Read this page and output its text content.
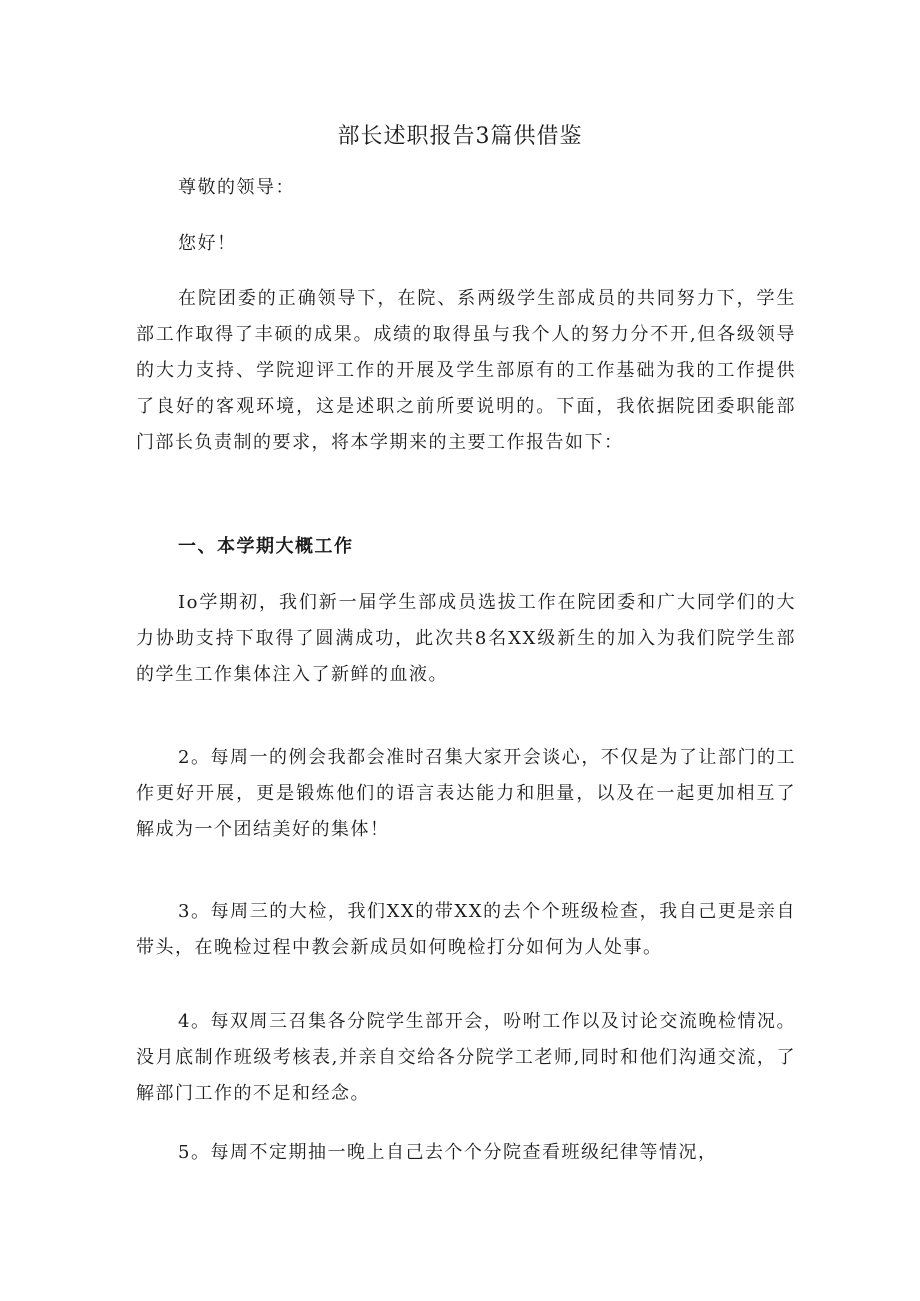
部长述职报告3篇供借鉴

尊敬的领导：

您好！

在院团委的正确领导下，在院、系两级学生部成员的共同努力下，学生部工作取得了丰硕的成果。成绩的取得虽与我个人的努力分不开,但各级领导的大力支持、学院迎评工作的开展及学生部原有的工作基础为我的工作提供了良好的客观环境，这是述职之前所要说明的。下面，我依据院团委职能部门部长负责制的要求，将本学期来的主要工作报告如下：

一、本学期大概工作

Io学期初，我们新一届学生部成员选拔工作在院团委和广大同学们的大力协助支持下取得了圆满成功，此次共8名XX级新生的加入为我们院学生部的学生工作集体注入了新鲜的血液。

2。每周一的例会我都会准时召集大家开会谈心，不仅是为了让部门的工作更好开展，更是锻炼他们的语言表达能力和胆量，以及在一起更加相互了解成为一个团结美好的集体！

3。每周三的大检，我们XX的带XX的去个个班级检查，我自己更是亲自带头，在晚检过程中教会新成员如何晚检打分如何为人处事。

4。每双周三召集各分院学生部开会，吩咐工作以及讨论交流晚检情况。没月底制作班级考核表,并亲自交给各分院学工老师,同时和他们沟通交流，了解部门工作的不足和经念。

5。每周不定期抽一晚上自己去个个分院查看班级纪律等情况，
